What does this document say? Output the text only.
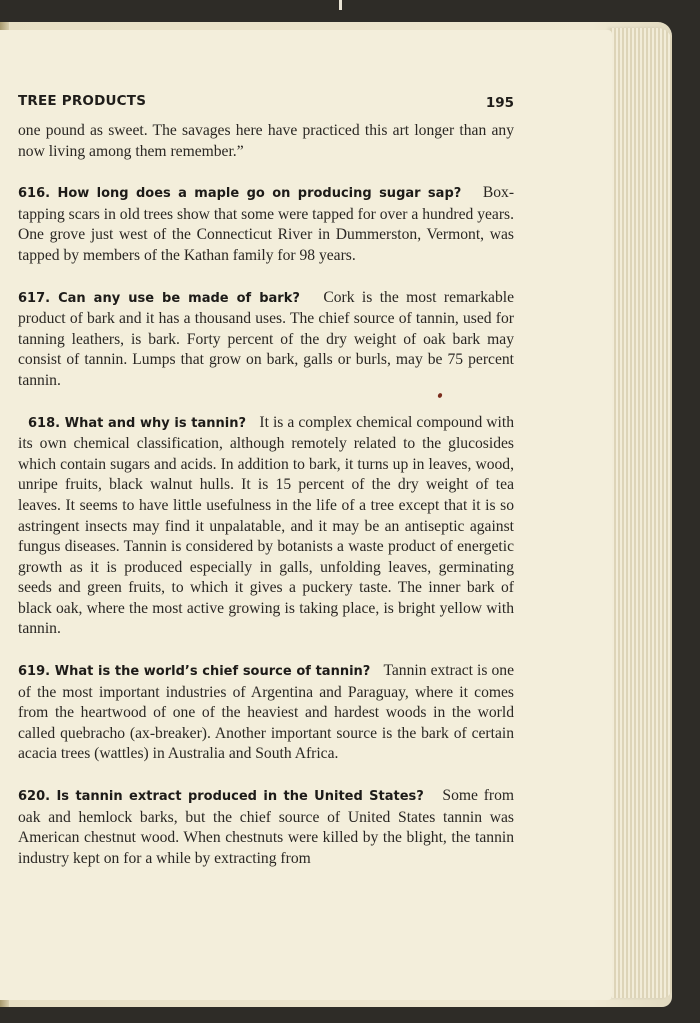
TREE PRODUCTS	195

one pound as sweet. The savages here have practiced this art longer than any now living among them remember.”

616. How long does a maple go on producing sugar sap?   Box-tapping scars in old trees show that some were tapped for over a hundred years. One grove just west of the Connecticut River in Dummerston, Vermont, was tapped by members of the Kathan family for 98 years.

617. Can any use be made of bark?   Cork is the most remarkable product of bark and it has a thousand uses. The chief source of tannin, used for tanning leathers, is bark. Forty percent of the dry weight of oak bark may consist of tannin. Lumps that grow on bark, galls or burls, may be 75 percent tannin.

618. What and why is tannin?   It is a complex chemical compound with its own chemical classification, although remotely related to the glucosides which contain sugars and acids. In addition to bark, it turns up in leaves, wood, unripe fruits, black walnut hulls. It is 15 percent of the dry weight of tea leaves. It seems to have little usefulness in the life of a tree except that it is so astringent insects may find it unpalatable, and it may be an antiseptic against fungus diseases. Tannin is considered by botanists a waste product of energetic growth as it is produced especially in galls, unfolding leaves, germinating seeds and green fruits, to which it gives a puckery taste. The inner bark of black oak, where the most active growing is taking place, is bright yellow with tannin.

619. What is the world’s chief source of tannin?   Tannin extract is one of the most important industries of Argentina and Paraguay, where it comes from the heartwood of one of the heaviest and hardest woods in the world called quebracho (ax-breaker). Another important source is the bark of certain acacia trees (wattles) in Australia and South Africa.

620. Is tannin extract produced in the United States?   Some from oak and hemlock barks, but the chief source of United States tannin was American chestnut wood. When chestnuts were killed by the blight, the tannin industry kept on for a while by extracting from
